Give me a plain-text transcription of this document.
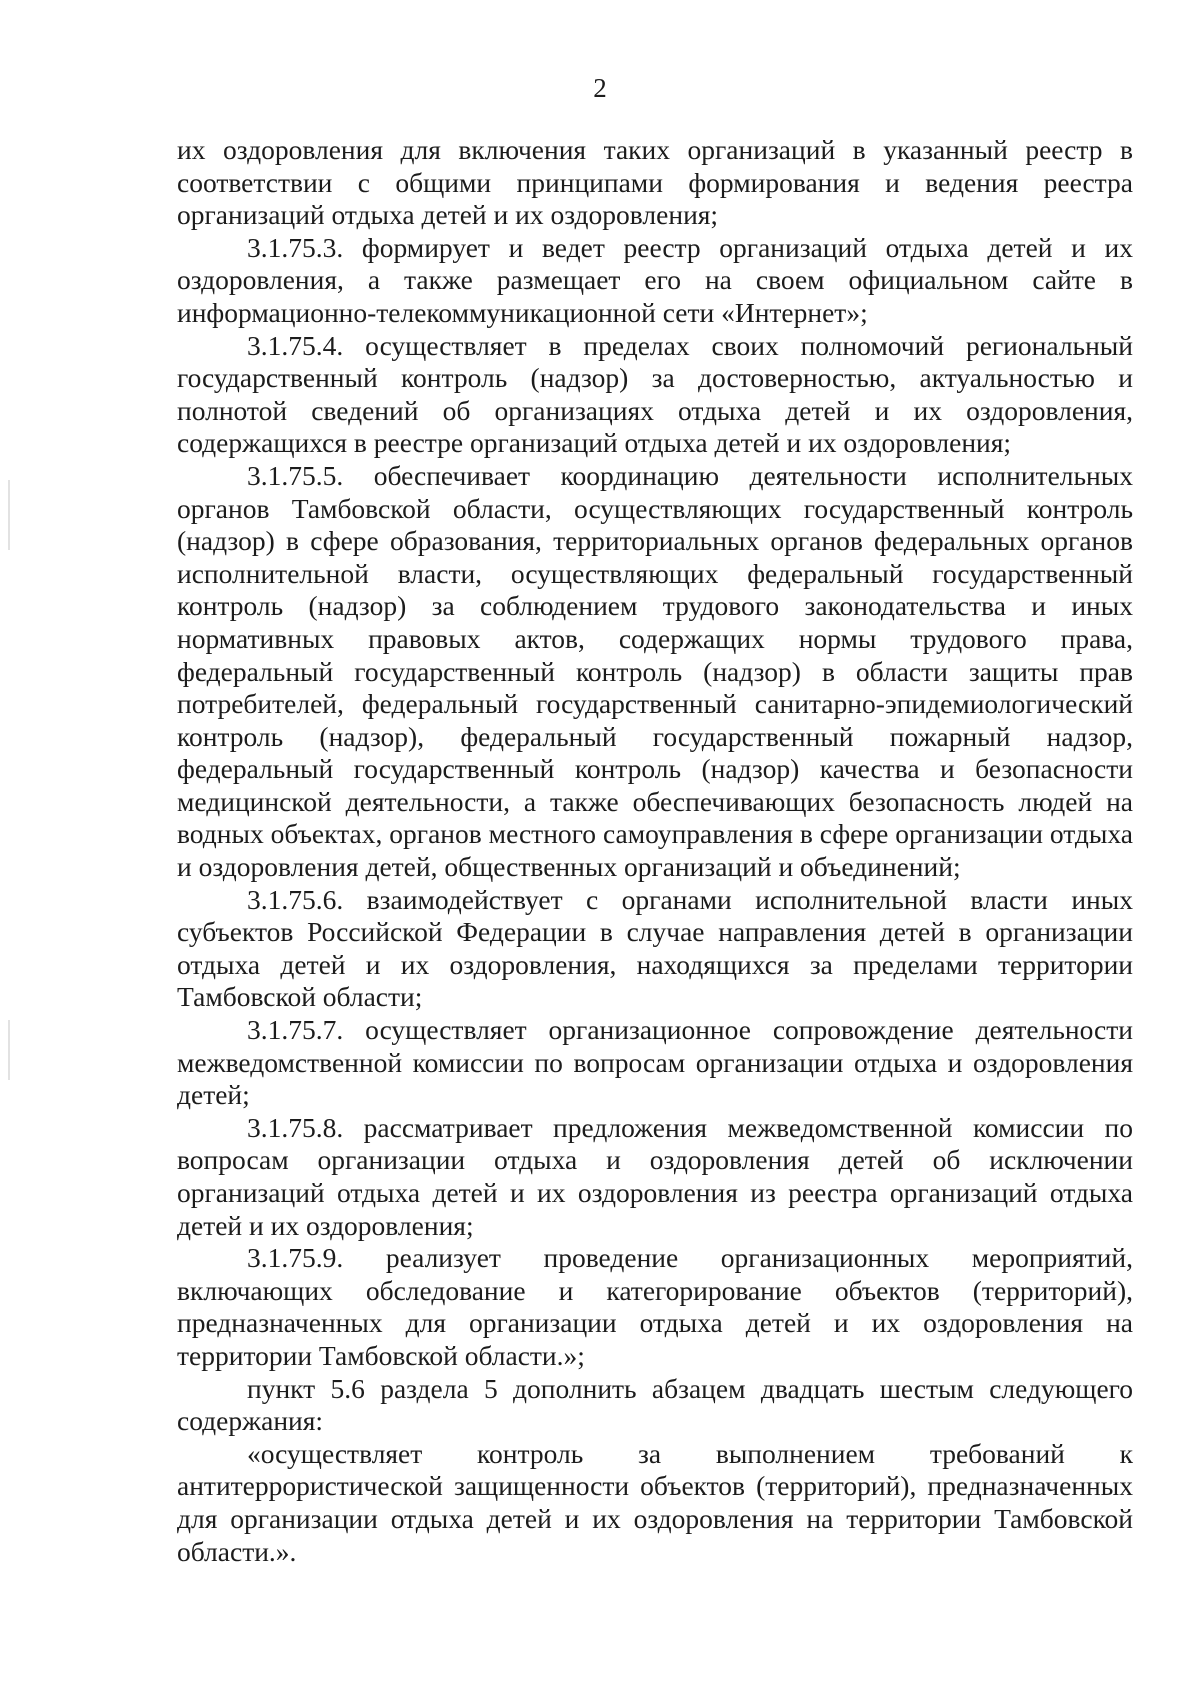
2

их оздоровления для включения таких организаций в указанный реестр в соответствии с общими принципами формирования и ведения реестра организаций отдыха детей и их оздоровления;

3.1.75.3. формирует и ведет реестр организаций отдыха детей и их оздоровления, а также размещает его на своем официальном сайте в информационно-телекоммуникационной сети «Интернет»;

3.1.75.4. осуществляет в пределах своих полномочий региональный государственный контроль (надзор) за достоверностью, актуальностью и полнотой сведений об организациях отдыха детей и их оздоровления, содержащихся в реестре организаций отдыха детей и их оздоровления;

3.1.75.5. обеспечивает координацию деятельности исполнительных органов Тамбовской области, осуществляющих государственный контроль (надзор) в сфере образования, территориальных органов федеральных органов исполнительной власти, осуществляющих федеральный государственный контроль (надзор) за соблюдением трудового законодательства и иных нормативных правовых актов, содержащих нормы трудового права, федеральный государственный контроль (надзор) в области защиты прав потребителей, федеральный государственный санитарно-эпидемиологический контроль (надзор), федеральный государственный пожарный надзор, федеральный государственный контроль (надзор) качества и безопасности медицинской деятельности, а также обеспечивающих безопасность людей на водных объектах, органов местного самоуправления в сфере организации отдыха и оздоровления детей, общественных организаций и объединений;

3.1.75.6. взаимодействует с органами исполнительной власти иных субъектов Российской Федерации в случае направления детей в организации отдыха детей и их оздоровления, находящихся за пределами территории Тамбовской области;

3.1.75.7. осуществляет организационное сопровождение деятельности межведомственной комиссии по вопросам организации отдыха и оздоровления детей;

3.1.75.8. рассматривает предложения межведомственной комиссии по вопросам организации отдыха и оздоровления детей об исключении организаций отдыха детей и их оздоровления из реестра организаций отдыха детей и их оздоровления;

3.1.75.9. реализует проведение организационных мероприятий, включающих обследование и категорирование объектов (территорий), предназначенных для организации отдыха детей и их оздоровления на территории Тамбовской области.»;

пункт 5.6 раздела 5 дополнить абзацем двадцать шестым следующего содержания:

«осуществляет контроль за выполнением требований к антитеррористической защищенности объектов (территорий), предназначенных для организации отдыха детей и их оздоровления на территории Тамбовской области.».
